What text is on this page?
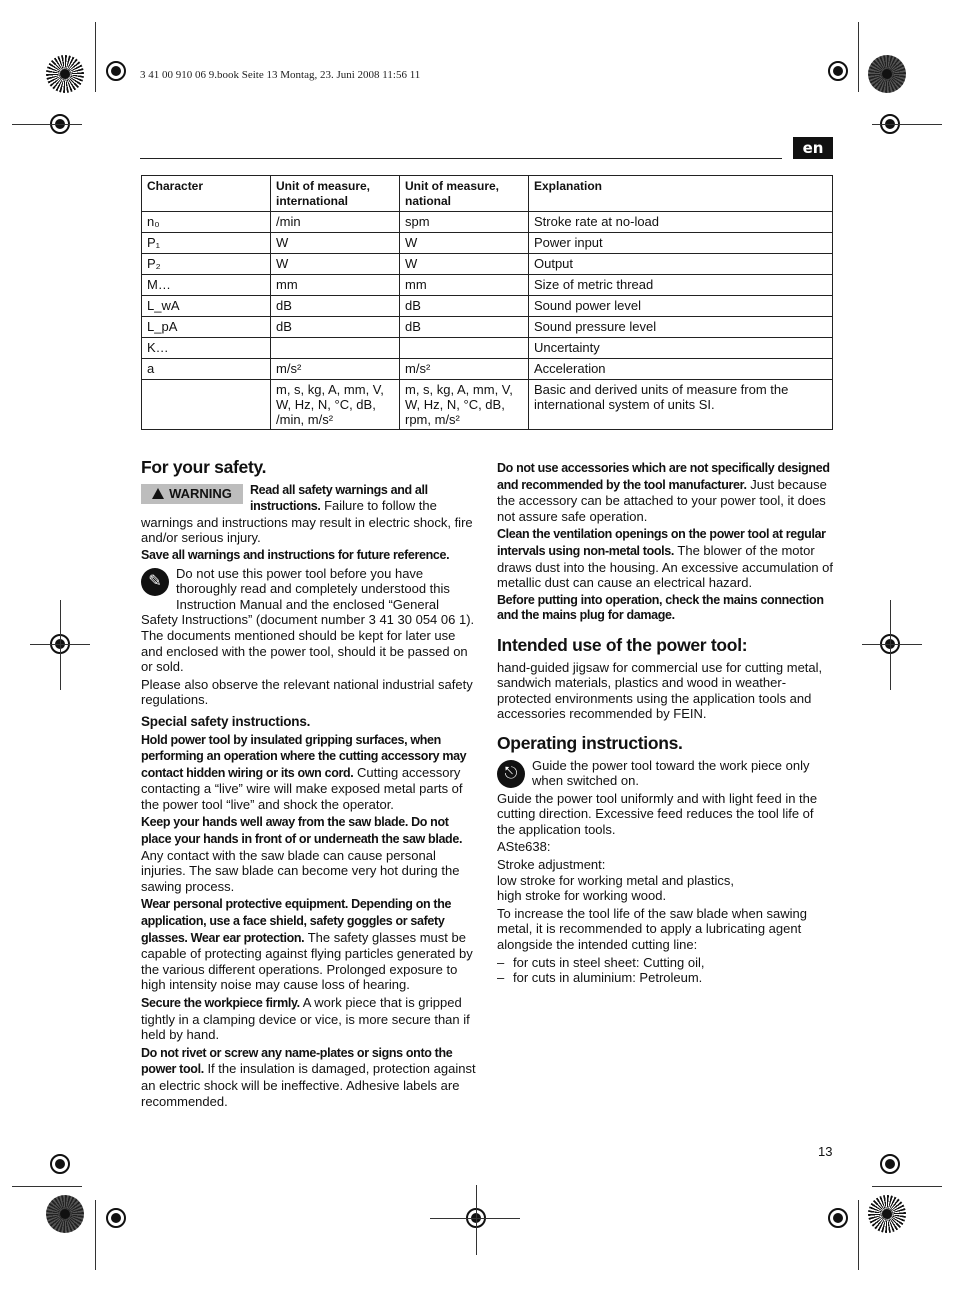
3 41 00 910 06 9.book Seite 13 Montag, 23. Juni 2008 11:56 11
en
Character	Unit of measure, international	Unit of measure, national	Explanation
n₀	/min	spm	Stroke rate at no-load
P₁	W	W	Power input
P₂	W	W	Output
M…	mm	mm	Size of metric thread
L_wA	dB	dB	Sound power level
L_pA	dB	dB	Sound pressure level
K…			Uncertainty
a	m/s²	m/s²	Acceleration
	m, s, kg, A, mm, V, W, Hz, N, °C, dB, /min, m/s²	m, s, kg, A, mm, V, W, Hz, N, °C, dB, rpm, m/s²	Basic and derived units of measure from the international system of units SI.
For your safety.
WARNING	Read all safety warnings and all instructions. Failure to follow the warnings and instructions may result in electric shock, fire and/or serious injury.

Save all warnings and instructions for future reference.

✎	Do not use this power tool before you have thoroughly read and completely understood this Instruction Manual and the enclosed “General Safety Instructions” (document number 3 41 30 054 06 1). The documents mentioned should be kept for later use and enclosed with the power tool, should it be passed on or sold.

Please also observe the relevant national industrial safety regulations.

Special safety instructions.

Hold power tool by insulated gripping surfaces, when performing an operation where the cutting accessory may contact hidden wiring or its own cord. Cutting accessory contacting a “live” wire will make exposed metal parts of the power tool “live” and shock the operator.

Keep your hands well away from the saw blade. Do not place your hands in front of or underneath the saw blade. Any contact with the saw blade can cause personal injuries. The saw blade can become very hot during the sawing process.

Wear personal protective equipment. Depending on the application, use a face shield, safety goggles or safety glasses. Wear ear protection. The safety glasses must be capable of protecting against flying particles generated by the various different operations. Prolonged exposure to high intensity noise may cause loss of hearing.

Secure the workpiece firmly. A work piece that is gripped tightly in a clamping device or vice, is more secure than if held by hand.

Do not rivet or screw any name-plates or signs onto the power tool. If the insulation is damaged, protection against an electric shock will be ineffective. Adhesive labels are recommended.

Do not use accessories which are not specifically designed and recommended by the tool manufacturer. Just because the accessory can be attached to your power tool, it does not assure safe operation.

Clean the ventilation openings on the power tool at regular intervals using non-metal tools. The blower of the motor draws dust into the housing. An excessive accumulation of metallic dust can cause an electrical hazard.

Before putting into operation, check the mains connection and the mains plug for damage.

Intended use of the power tool:

hand-guided jigsaw for commercial use for cutting metal, sandwich materials, plastics and wood in weather-protected environments using the application tools and accessories recommended by FEIN.

Operating instructions.
⎋	Guide the power tool toward the work piece only when switched on.

Guide the power tool uniformly and with light feed in the cutting direction. Excessive feed reduces the tool life of the application tools.

ASte638:

Stroke adjustment:

low stroke for working metal and plastics,

high stroke for working wood.

To increase the tool life of the saw blade when sawing metal, it is recommended to apply a lubricating agent alongside the intended cutting line:

– for cuts in steel sheet: Cutting oil,
– for cuts in aluminium: Petroleum.
13
